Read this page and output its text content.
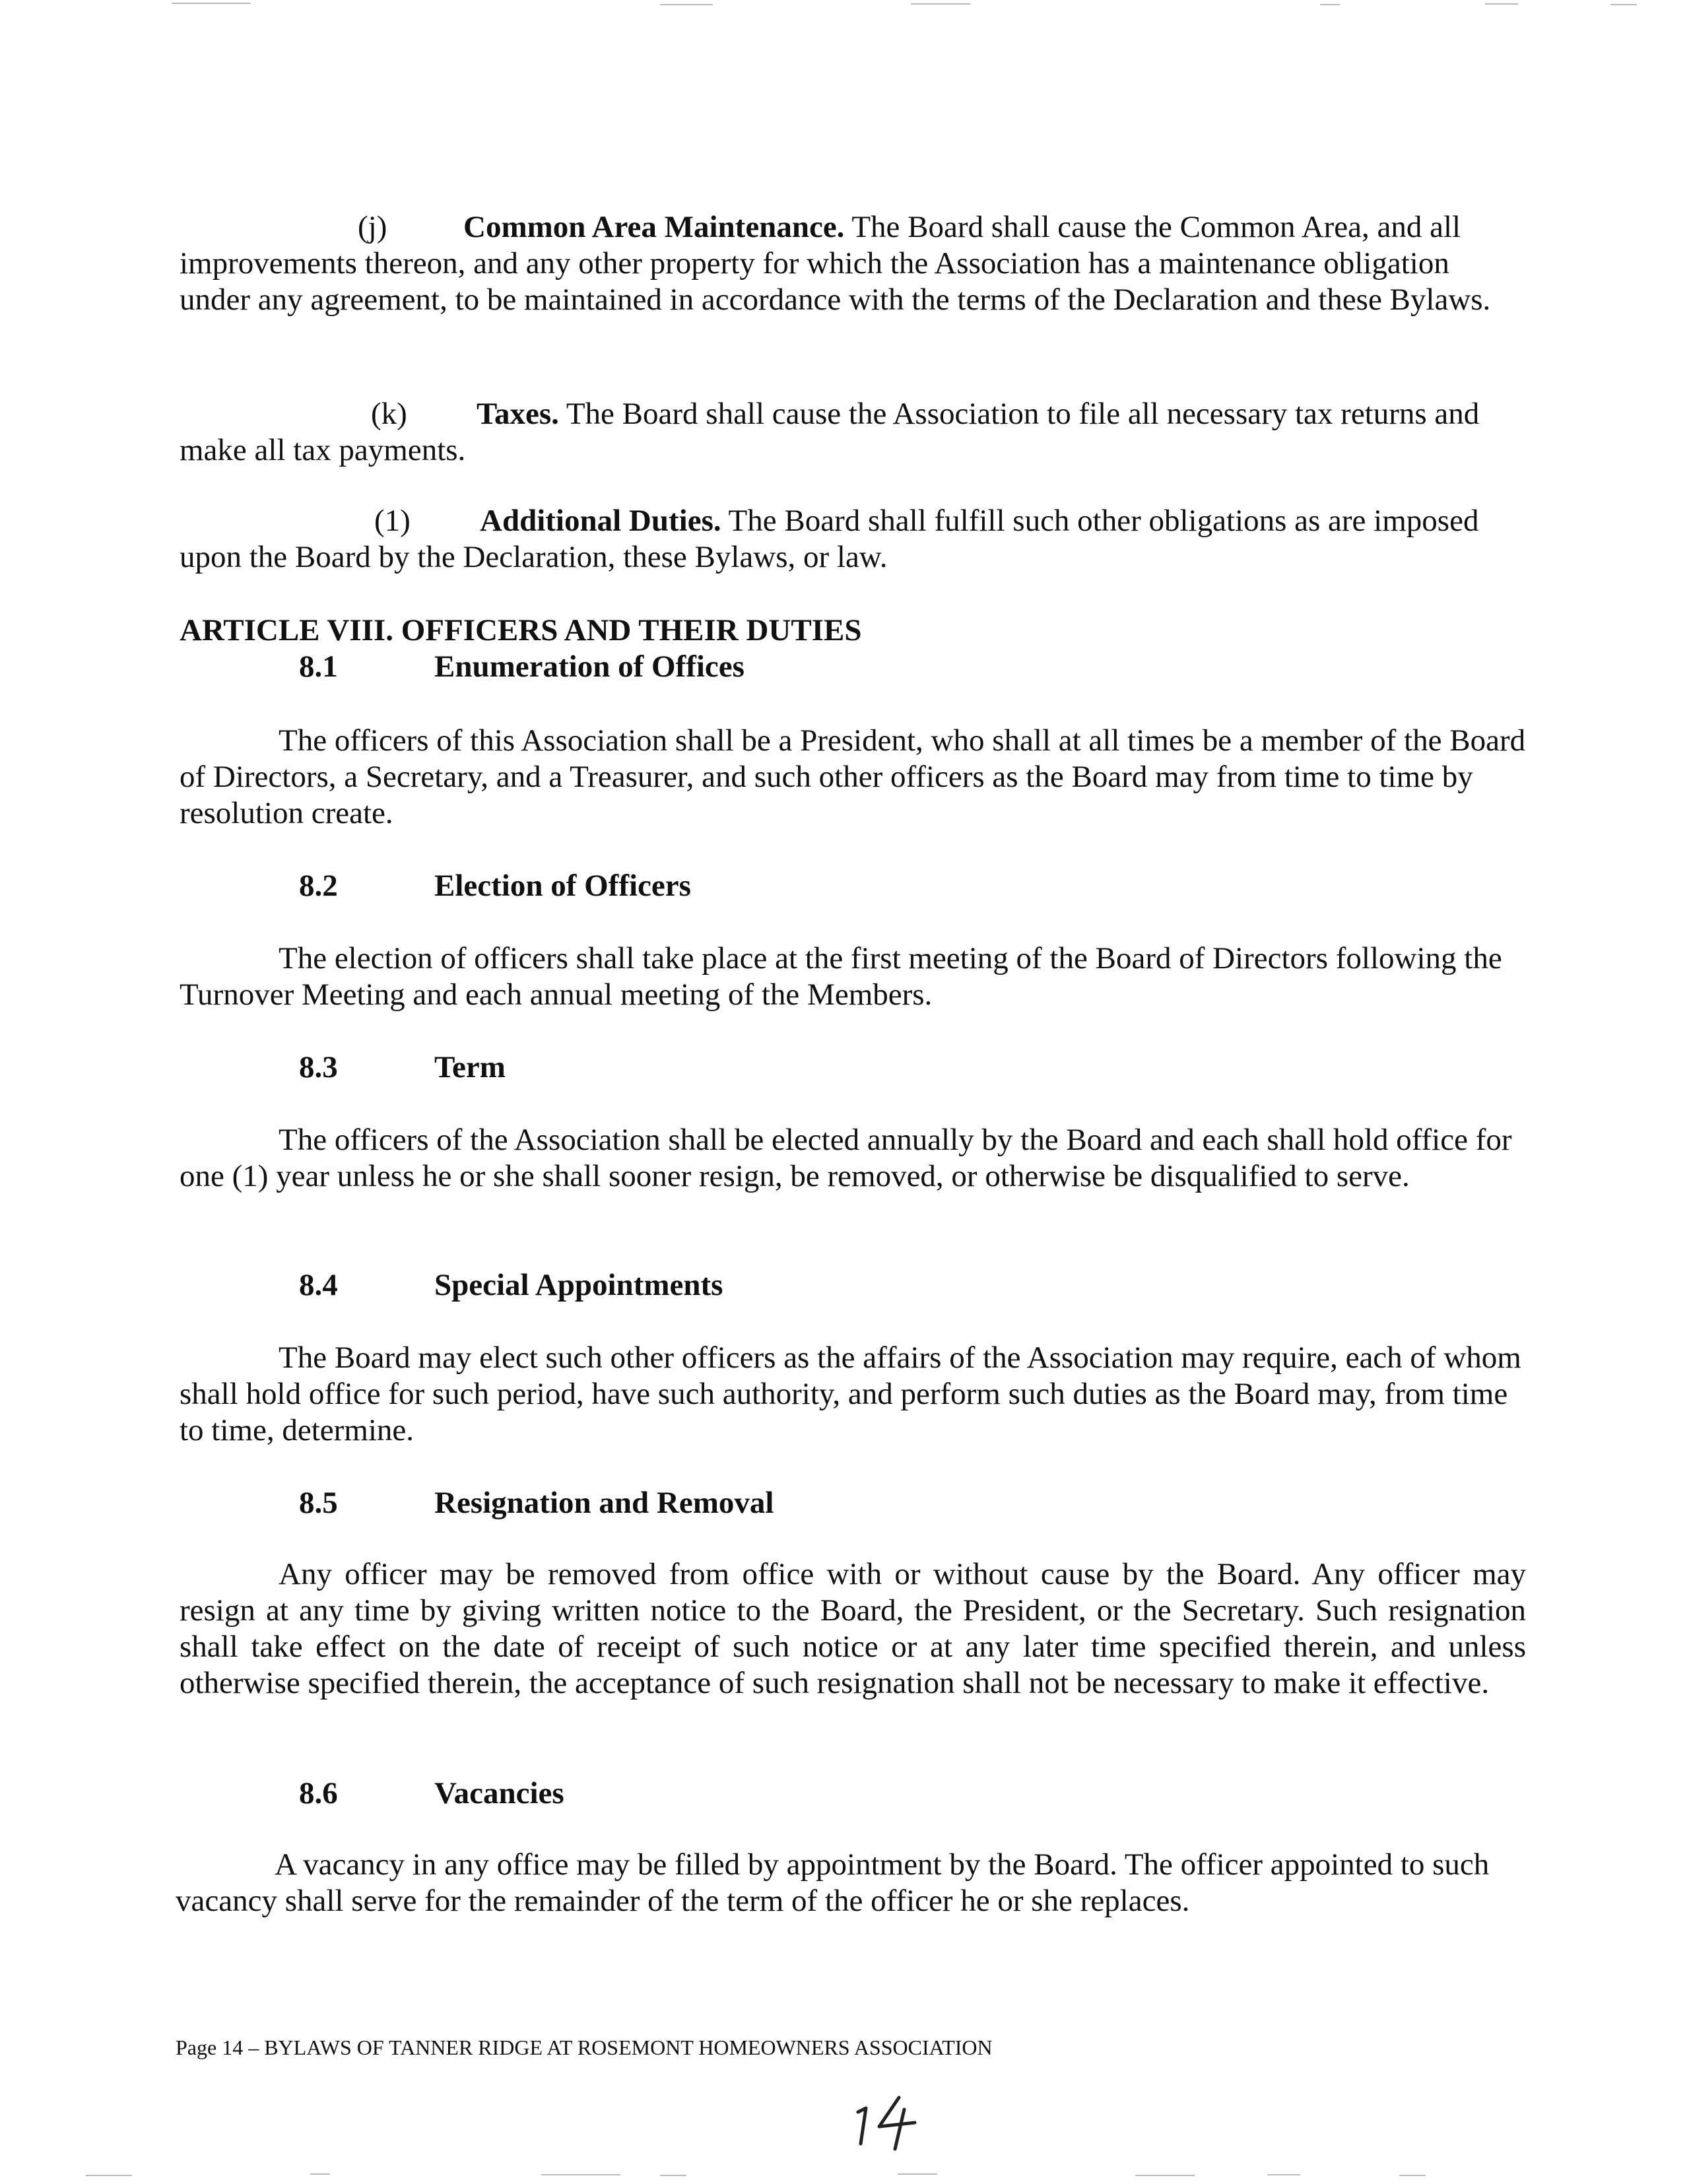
(j) Common Area Maintenance. The Board shall cause the Common Area, and all improvements thereon, and any other property for which the Association has a maintenance obligation under any agreement, to be maintained in accordance with the terms of the Declaration and these Bylaws.

(k) Taxes. The Board shall cause the Association to file all necessary tax returns and make all tax payments.

(1) Additional Duties. The Board shall fulfill such other obligations as are imposed upon the Board by the Declaration, these Bylaws, or law.

ARTICLE VIII. OFFICERS AND THEIR DUTIES
8.1	Enumeration of Offices

The officers of this Association shall be a President, who shall at all times be a member of the Board of Directors, a Secretary, and a Treasurer, and such other officers as the Board may from time to time by resolution create.

8.2	Election of Officers

The election of officers shall take place at the first meeting of the Board of Directors following the Turnover Meeting and each annual meeting of the Members.

8.3	Term

The officers of the Association shall be elected annually by the Board and each shall hold office for one (1) year unless he or she shall sooner resign, be removed, or otherwise be disqualified to serve.

8.4	Special Appointments

The Board may elect such other officers as the affairs of the Association may require, each of whom shall hold office for such period, have such authority, and perform such duties as the Board may, from time to time, determine.

8.5	Resignation and Removal

Any officer may be removed from office with or without cause by the Board. Any officer may resign at any time by giving written notice to the Board, the President, or the Secretary. Such resignation shall take effect on the date of receipt of such notice or at any later time specified therein, and unless otherwise specified therein, the acceptance of such resignation shall not be necessary to make it effective.

8.6	Vacancies

A vacancy in any office may be filled by appointment by the Board. The officer appointed to such vacancy shall serve for the remainder of the term of the officer he or she replaces.

Page 14 – BYLAWS OF TANNER RIDGE AT ROSEMONT HOMEOWNERS ASSOCIATION
